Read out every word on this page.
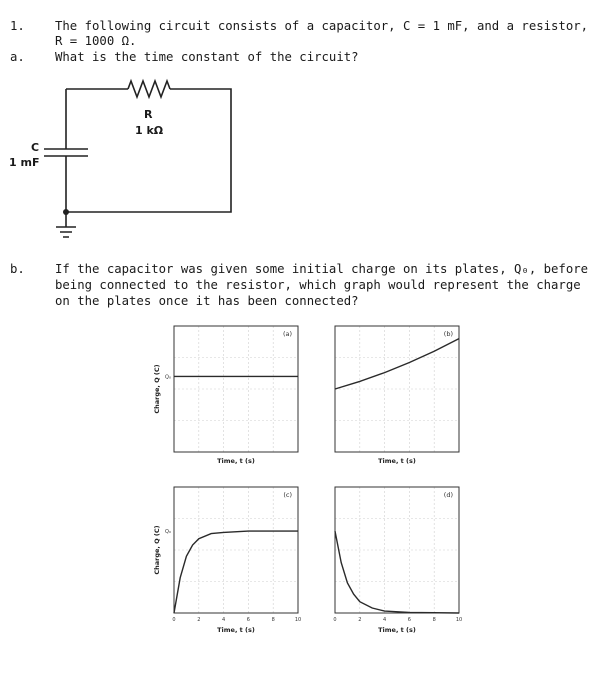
1. The following circuit consists of a capacitor, C = 1 mF, and a resistor,
R = 1000 Ω.
a. What is the time constant of the circuit?
R
1 kΩ
C
1 mF
b. If the capacitor was given some initial charge on its plates, Q₀, before
being connected to the resistor, which graph would represent the charge
on the plates once it has been connected?
(a)
Time, t (s)
Charge, Q (C) Q₀
(b)
Time, t (s)
(c)
Time, t (s)
0	2	4	6	8	10
Charge, Q (C) Q₀
(d)
Time, t (s)
0	2	4	6	8	10
